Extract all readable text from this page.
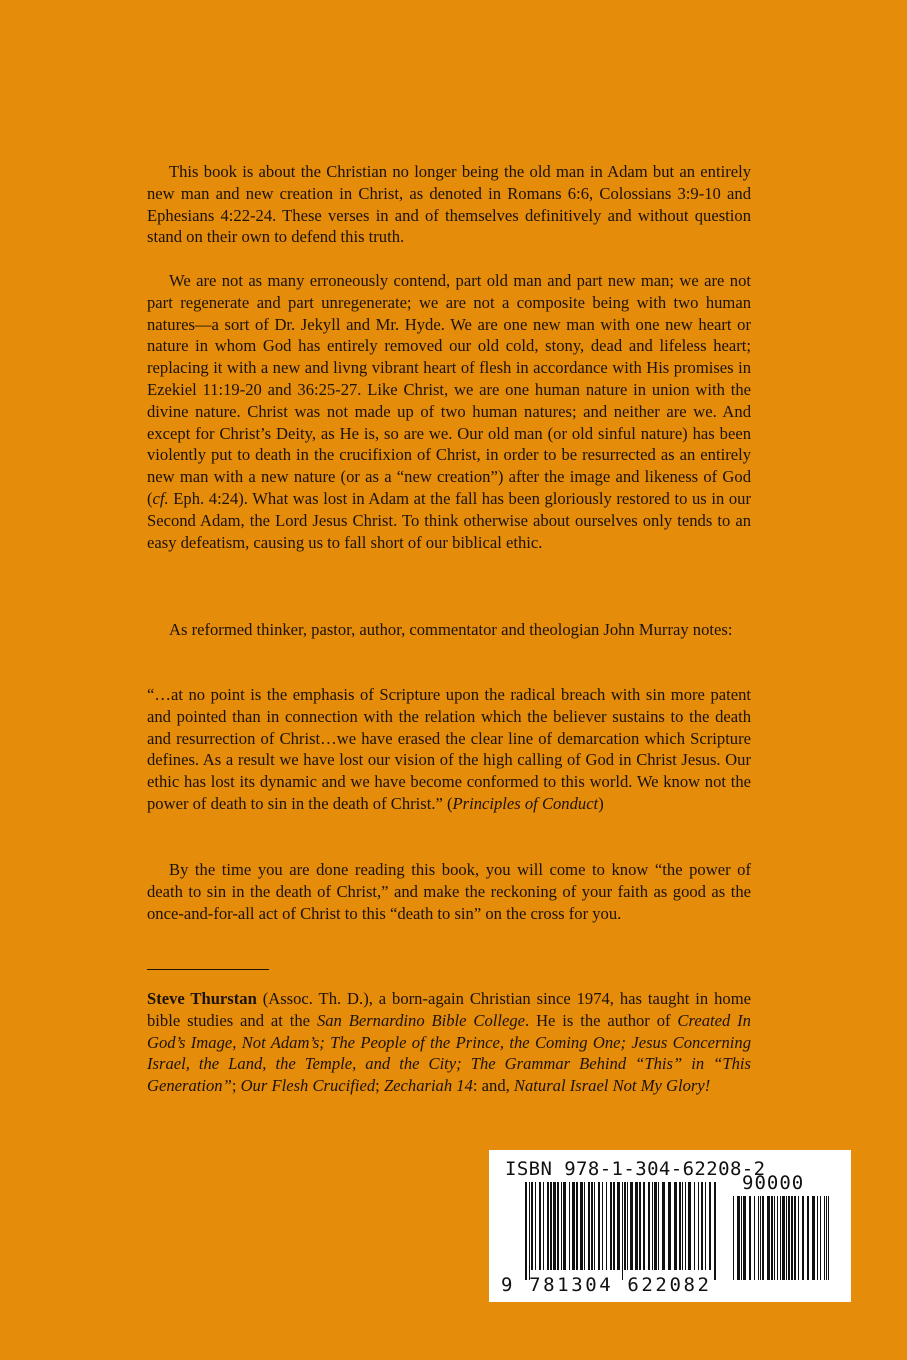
This book is about the Christian no longer being the old man in Adam but an entirely new man and new creation in Christ, as denoted in Romans 6:6, Colossians 3:9-10 and Ephesians 4:22-24. These verses in and of themselves definitively and without question stand on their own to defend this truth.

We are not as many erroneously contend, part old man and part new man; we are not part regenerate and part unregenerate; we are not a composite being with two human natures—a sort of Dr. Jekyll and Mr. Hyde. We are one new man with one new heart or nature in whom God has entirely removed our old cold, stony, dead and lifeless heart; replacing it with a new and livng vibrant heart of flesh in accordance with His promises in Ezekiel 11:19-20 and 36:25-27. Like Christ, we are one human nature in union with the divine nature. Christ was not made up of two human natures; and neither are we. And except for Christ’s Deity, as He is, so are we. Our old man (or old sinful nature) has been violently put to death in the crucifixion of Christ, in order to be resurrected as an entirely new man with a new nature (or as a “new creation”) after the image and likeness of God (cf. Eph. 4:24). What was lost in Adam at the fall has been gloriously restored to us in our Second Adam, the Lord Jesus Christ. To think otherwise about ourselves only tends to an easy defeatism, causing us to fall short of our biblical ethic.

As reformed thinker, pastor, author, commentator and theologian John Murray notes:

“…at no point is the emphasis of Scripture upon the radical breach with sin more patent and pointed than in connection with the relation which the believer sustains to the death and resurrection of Christ…we have erased the clear line of demarcation which Scripture defines. As a result we have lost our vision of the high calling of God in Christ Jesus. Our ethic has lost its dynamic and we have become conformed to this world. We know not the power of death to sin in the death of Christ.” (Principles of Conduct)

By the time you are done reading this book, you will come to know “the power of death to sin in the death of Christ,” and make the reckoning of your faith as good as the once-and-for-all act of Christ to this “death to sin” on the cross for you.

Steve Thurstan (Assoc. Th. D.), a born-again Christian since 1974, has taught in home bible studies and at the San Bernardino Bible College. He is the author of Created In God’s Image, Not Adam’s; The People of the Prince, the Coming One; Jesus Concerning Israel, the Land, the Temple, and the City; The Grammar Behind “This” in “This Generation”; Our Flesh Crucified; Zechariah 14: and, Natural Israel Not My Glory!

ISBN 978-1-304-62208-2
90000
9 781304 622082
